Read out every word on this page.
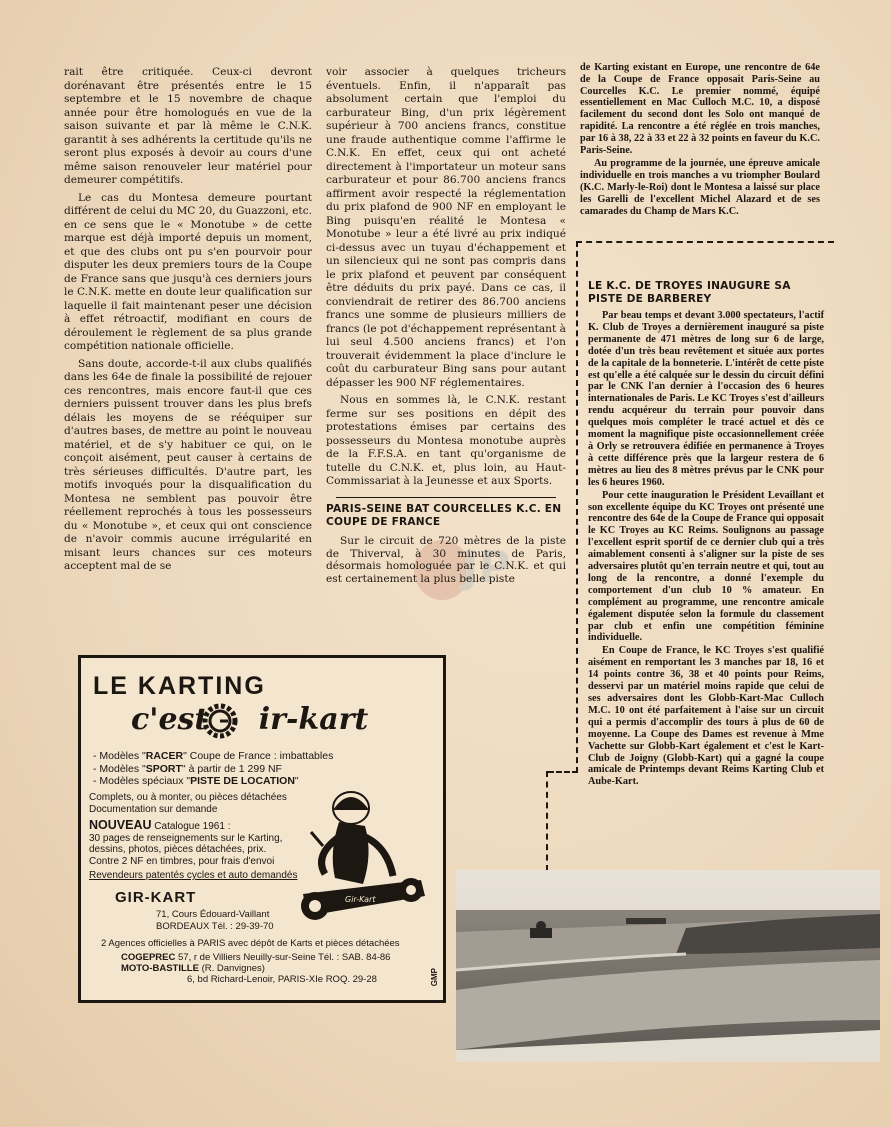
JP

rait être critiquée. Ceux-ci devront dorénavant être présentés entre le 15 septembre et le 15 novembre de chaque année pour être homologués en vue de la saison suivante et par là même le C.N.K. garantit à ses adhérents la certitude qu'ils ne seront plus exposés à devoir au cours d'une même saison renouveler leur matériel pour demeurer compétitifs.

Le cas du Montesa demeure pourtant différent de celui du MC 20, du Guazzoni, etc. en ce sens que le « Monotube » de cette marque est déjà importé depuis un moment, et que des clubs ont pu s'en pourvoir pour disputer les deux premiers tours de la Coupe de France sans que jusqu'à ces derniers jours le C.N.K. mette en doute leur qualification sur laquelle il fait maintenant peser une décision à effet rétroactif, modifiant en cours de déroulement le règlement de sa plus grande compétition nationale officielle.

Sans doute, accorde-t-il aux clubs qualifiés dans les 64e de finale la possibilité de rejouer ces rencontres, mais encore faut-il que ces derniers puissent trouver dans les plus brefs délais les moyens de se rééquiper sur d'autres bases, de mettre au point le nouveau matériel, et de s'y habituer ce qui, on le conçoit aisément, peut causer à certains de très sérieuses difficultés. D'autre part, les motifs invoqués pour la disqualification du Montesa ne semblent pas pouvoir être réellement reprochés à tous les possesseurs du « Monotube », et ceux qui ont conscience de n'avoir commis aucune irrégularité en misant leurs chances sur ces moteurs acceptent mal de se

voir associer à quelques tricheurs éventuels. Enfin, il n'apparaît pas absolument certain que l'emploi du carburateur Bing, d'un prix légèrement supérieur à 700 anciens francs, constitue une fraude authentique comme l'affirme le C.N.K. En effet, ceux qui ont acheté directement à l'importateur un moteur sans carburateur et pour 86.700 anciens francs affirment avoir respecté la réglementation du prix plafond de 900 NF en employant le Bing puisqu'en réalité le Montesa « Monotube » leur a été livré au prix indiqué ci-dessus avec un tuyau d'échappement et un silencieux qui ne sont pas compris dans le prix plafond et peuvent par conséquent être déduits du prix payé. Dans ce cas, il conviendrait de retirer des 86.700 anciens francs une somme de plusieurs milliers de francs (le pot d'échappement représentant à lui seul 4.500 anciens francs) et l'on trouverait évidemment la place d'inclure le coût du carburateur Bing sans pour autant dépasser les 900 NF réglementaires.

Nous en sommes là, le C.N.K. restant ferme sur ses positions en dépit des protestations émises par certains des possesseurs du Montesa monotube auprès de la F.F.S.A. en tant qu'organisme de tutelle du C.N.K. et, plus loin, au Haut-Commissariat à la Jeunesse et aux Sports.

PARIS-SEINE BAT COURCELLES K.C. EN COUPE DE FRANCE

Sur le circuit de 720 mètres de la piste de Thiverval, à 30 minutes de Paris, désormais homologuée par le C.N.K. et qui est certainement la plus belle piste

de Karting existant en Europe, une rencontre de 64e de la Coupe de France opposait Paris-Seine au Courcelles K.C. Le premier nommé, équipé essentiellement en Mac Culloch M.C. 10, a disposé facilement du second dont les Solo ont manqué de rapidité. La rencontre a été réglée en trois manches, par 16 à 38, 22 à 33 et 22 à 32 points en faveur du K.C. Paris-Seine.

Au programme de la journée, une épreuve amicale individuelle en trois manches a vu triompher Boulard (K.C. Marly-le-Roi) dont le Montesa a laissé sur place les Garelli de l'excellent Michel Alazard et de ses camarades du Champ de Mars K.C.

LE K.C. DE TROYES INAUGURE SA PISTE DE BARBEREY

Par beau temps et devant 3.000 spectateurs, l'actif K. Club de Troyes a dernièrement inauguré sa piste permanente de 471 mètres de long sur 6 de large, dotée d'un très beau revêtement et située aux portes de la capitale de la bonneterie. L'intérêt de cette piste est qu'elle a été calquée sur le dessin du circuit défini par le CNK l'an dernier à l'occasion des 6 heures internationales de Paris. Le KC Troyes s'est d'ailleurs rendu acquéreur du terrain pour pouvoir dans quelques mois compléter le tracé actuel et dès ce moment la magnifique piste occasionnellement créée à Orly se retrouvera édifiée en permanence à Troyes à cette différence près que la largeur restera de 6 mètres au lieu des 8 mètres prévus par le CNK pour les 6 heures 1960.

Pour cette inauguration le Président Levaillant et son excellente équipe du KC Troyes ont présenté une rencontre des 64e de la Coupe de France qui opposait le KC Troyes au KC Reims. Soulignons au passage l'excellent esprit sportif de ce dernier club qui a très aimablement consenti à s'aligner sur la piste de ses adversaires plutôt qu'en terrain neutre et qui, tout au long de la rencontre, a donné l'exemple du comportement d'un club 10 % amateur. En complément au programme, une rencontre amicale également disputée selon la formule du classement par club et enfin une compétition féminine individuelle.

En Coupe de France, le KC Troyes s'est qualifié aisément en remportant les 3 manches par 18, 16 et 14 points contre 36, 38 et 40 points pour Reims, desservi par un matériel moins rapide que celui de ses adversaires dont les Globb-Kart-Mac Culloch M.C. 10 ont été parfaitement à l'aise sur un circuit qui a permis d'accomplir des tours à plus de 60 de moyenne. La Coupe des Dames est revenue à Mme Vachette sur Globb-Kart également et c'est le Kart-Club de Joigny (Globb-Kart) qui a gagné la coupe amicale de Printemps devant Reims Karting Club et Aube-Kart.

LE KARTING
c'est ir-kart
- Modèles "RACER" Coupe de France : imbattables
- Modèles "SPORT" à partir de 1 299 NF
- Modèles spéciaux "PISTE DE LOCATION"
Complets, ou à monter, ou pièces détachées
Documentation sur demande
NOUVEAU Catalogue 1961 :
30 pages de renseignements sur le Karting,
dessins, photos, pièces détachées, prix.
Contre 2 NF en timbres, pour frais d'envoi
Revendeurs patentés cycles et auto demandés
Gir-Kart
GIR-KART
71, Cours Édouard-Vaillant
BORDEAUX Tél. : 29-39-70
2 Agences officielles à PARIS avec dépôt de Karts et pièces détachées
COGEPREC 57, r de Villiers Neuilly-sur-Seine Tél. : SAB. 84-86
MOTO-BASTILLE (R. Danvignes)
6, bd Richard-Lenoir, PARIS-XIe ROQ. 29-28	GMP
